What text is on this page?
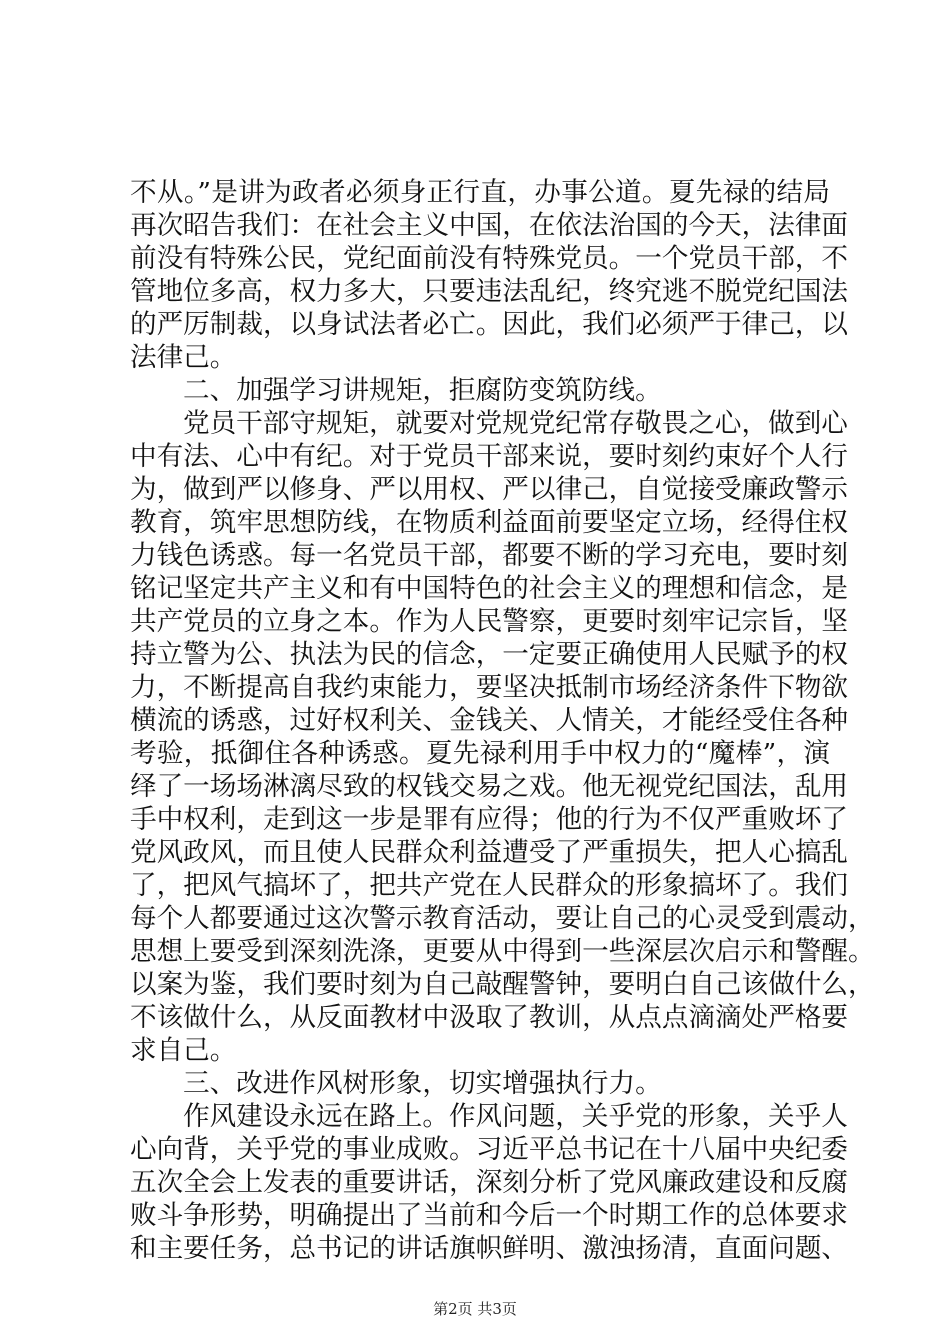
不从。”是讲为政者必须身正行直，办事公道。夏先禄的结局
再次昭告我们：在社会主义中国，在依法治国的今天，法律面
前没有特殊公民，党纪面前没有特殊党员。一个党员干部，不
管地位多高，权力多大，只要违法乱纪，终究逃不脱党纪国法
的严厉制裁，以身试法者必亡。因此，我们必须严于律己，以
法律己。
二、加强学习讲规矩，拒腐防变筑防线。
党员干部守规矩，就要对党规党纪常存敬畏之心，做到心
中有法、心中有纪。对于党员干部来说，要时刻约束好个人行
为，做到严以修身、严以用权、严以律己，自觉接受廉政警示
教育，筑牢思想防线，在物质利益面前要坚定立场，经得住权
力钱色诱惑。每一名党员干部，都要不断的学习充电，要时刻
铭记坚定共产主义和有中国特色的社会主义的理想和信念，是
共产党员的立身之本。作为人民警察，更要时刻牢记宗旨，坚
持立警为公、执法为民的信念，一定要正确使用人民赋予的权
力，不断提高自我约束能力，要坚决抵制市场经济条件下物欲
横流的诱惑，过好权利关、金钱关、人情关，才能经受住各种
考验，抵御住各种诱惑。夏先禄利用手中权力的“魔棒”，演
绎了一场场淋漓尽致的权钱交易之戏。他无视党纪国法，乱用
手中权利，走到这一步是罪有应得；他的行为不仅严重败坏了
党风政风，而且使人民群众利益遭受了严重损失，把人心搞乱
了，把风气搞坏了，把共产党在人民群众的形象搞坏了。我们
每个人都要通过这次警示教育活动，要让自己的心灵受到震动，
思想上要受到深刻洗涤，更要从中得到一些深层次启示和警醒。
以案为鉴，我们要时刻为自己敲醒警钟，要明白自己该做什么，
不该做什么，从反面教材中汲取了教训，从点点滴滴处严格要
求自己。
三、改进作风树形象，切实增强执行力。
作风建设永远在路上。作风问题，关乎党的形象，关乎人
心向背，关乎党的事业成败。习近平总书记在十八届中央纪委
五次全会上发表的重要讲话，深刻分析了党风廉政建设和反腐
败斗争形势，明确提出了当前和今后一个时期工作的总体要求
和主要任务，总书记的讲话旗帜鲜明、激浊扬清，直面问题、
第2页 共3页
